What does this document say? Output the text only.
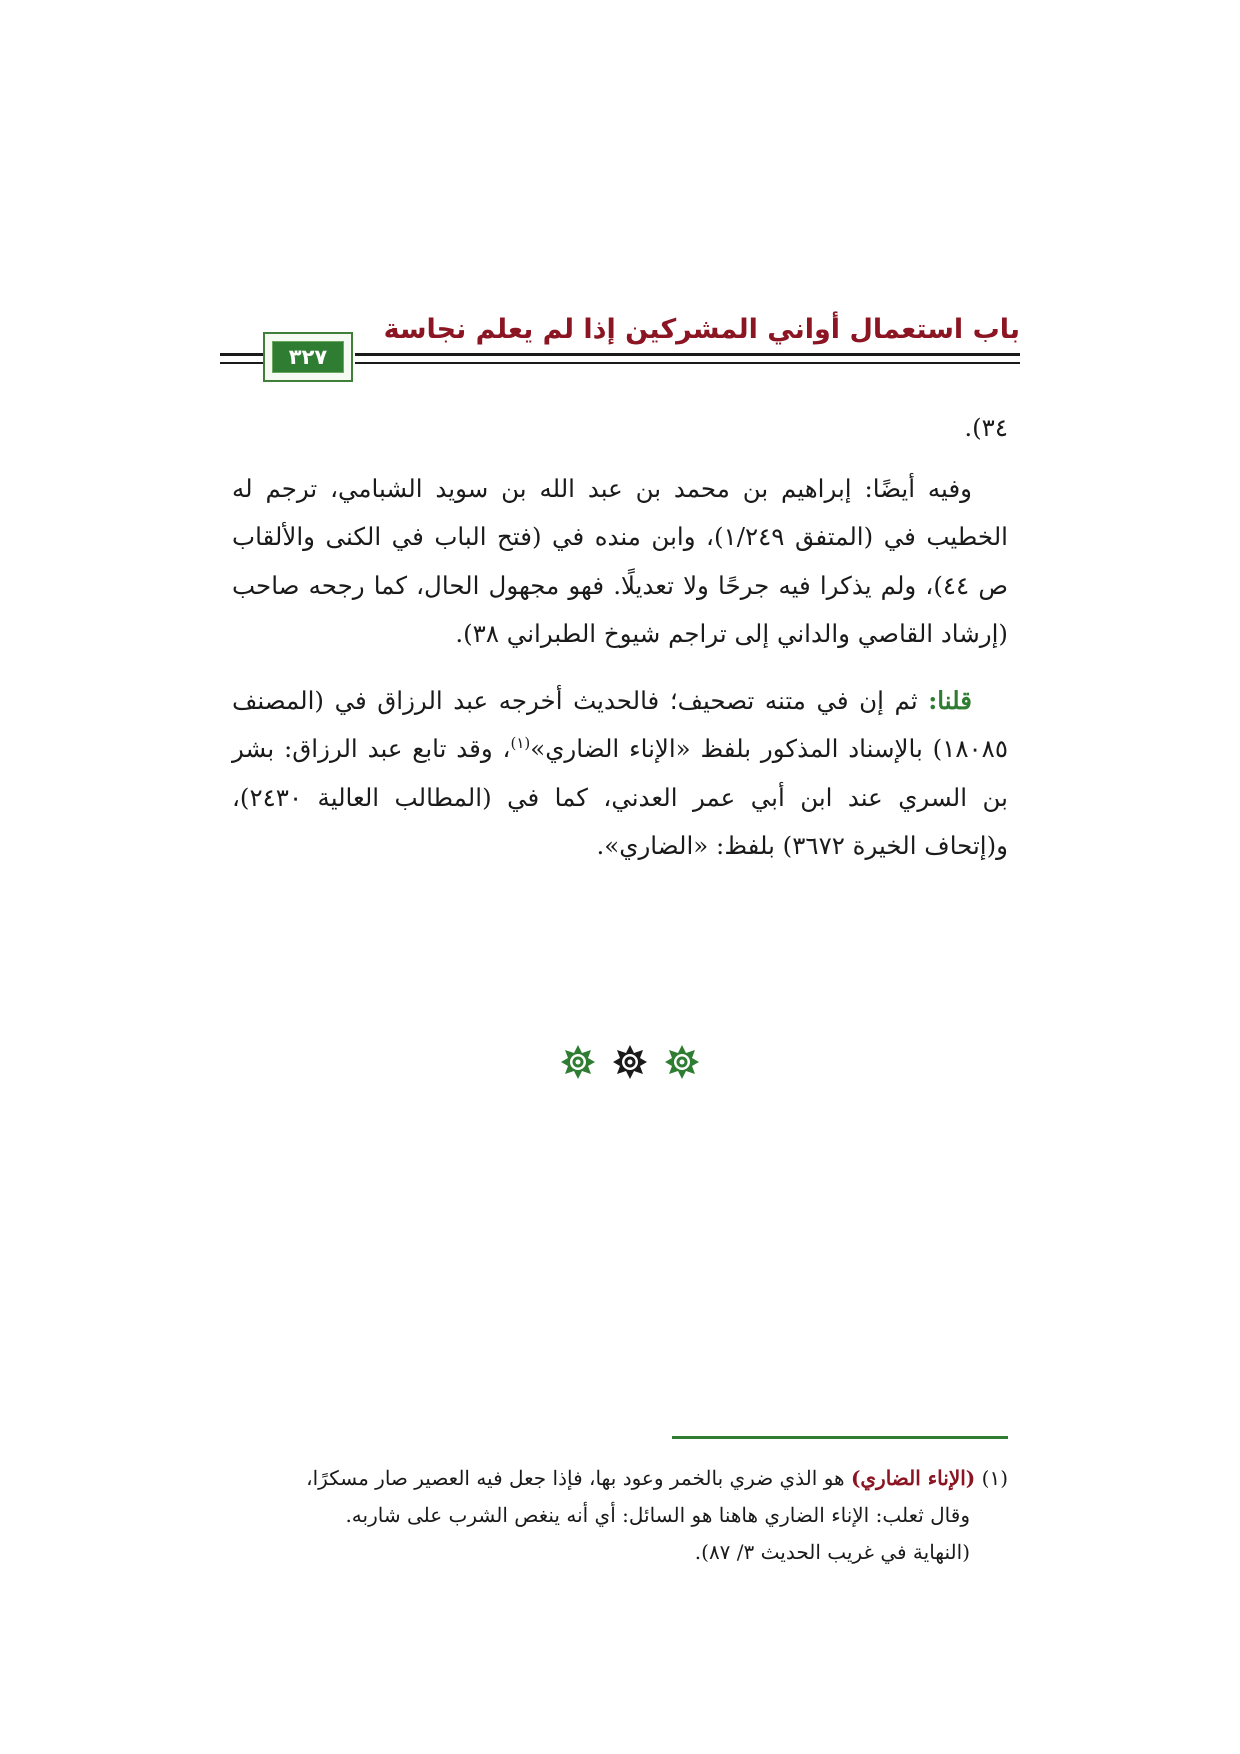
باب استعمال أواني المشركين إذا لم يعلم نجاسة
٣٢٧

٣٤).

وفيه أيضًا: إبراهيم بن محمد بن عبد الله بن سويد الشبامي، ترجم له الخطيب في (المتفق ١/٢٤٩)، وابن منده في (فتح الباب في الكنى والألقاب ص ٤٤)، ولم يذكرا فيه جرحًا ولا تعديلًا. فهو مجهول الحال، كما رجحه صاحب (إرشاد القاصي والداني إلى تراجم شيوخ الطبراني ٣٨).

قلنا: ثم إن في متنه تصحيف؛ فالحديث أخرجه عبد الرزاق في (المصنف ١٨٠٨٥) بالإسناد المذكور بلفظ «الإناء الضاري»$^{(١)}$، وقد تابع عبد الرزاق: بشر بن السري عند ابن أبي عمر العدني، كما في (المطالب العالية ٢٤٣٠)، و(إتحاف الخيرة ٣٦٧٢) بلفظ: «الضاري».

(١) (الإناء الضاري) هو الذي ضري بالخمر وعود بها، فإذا جعل فيه العصير صار مسكرًا،

وقال ثعلب: الإناء الضاري هاهنا هو السائل: أي أنه ينغص الشرب على شاربه.

(النهاية في غريب الحديث ٣/ ٨٧).
